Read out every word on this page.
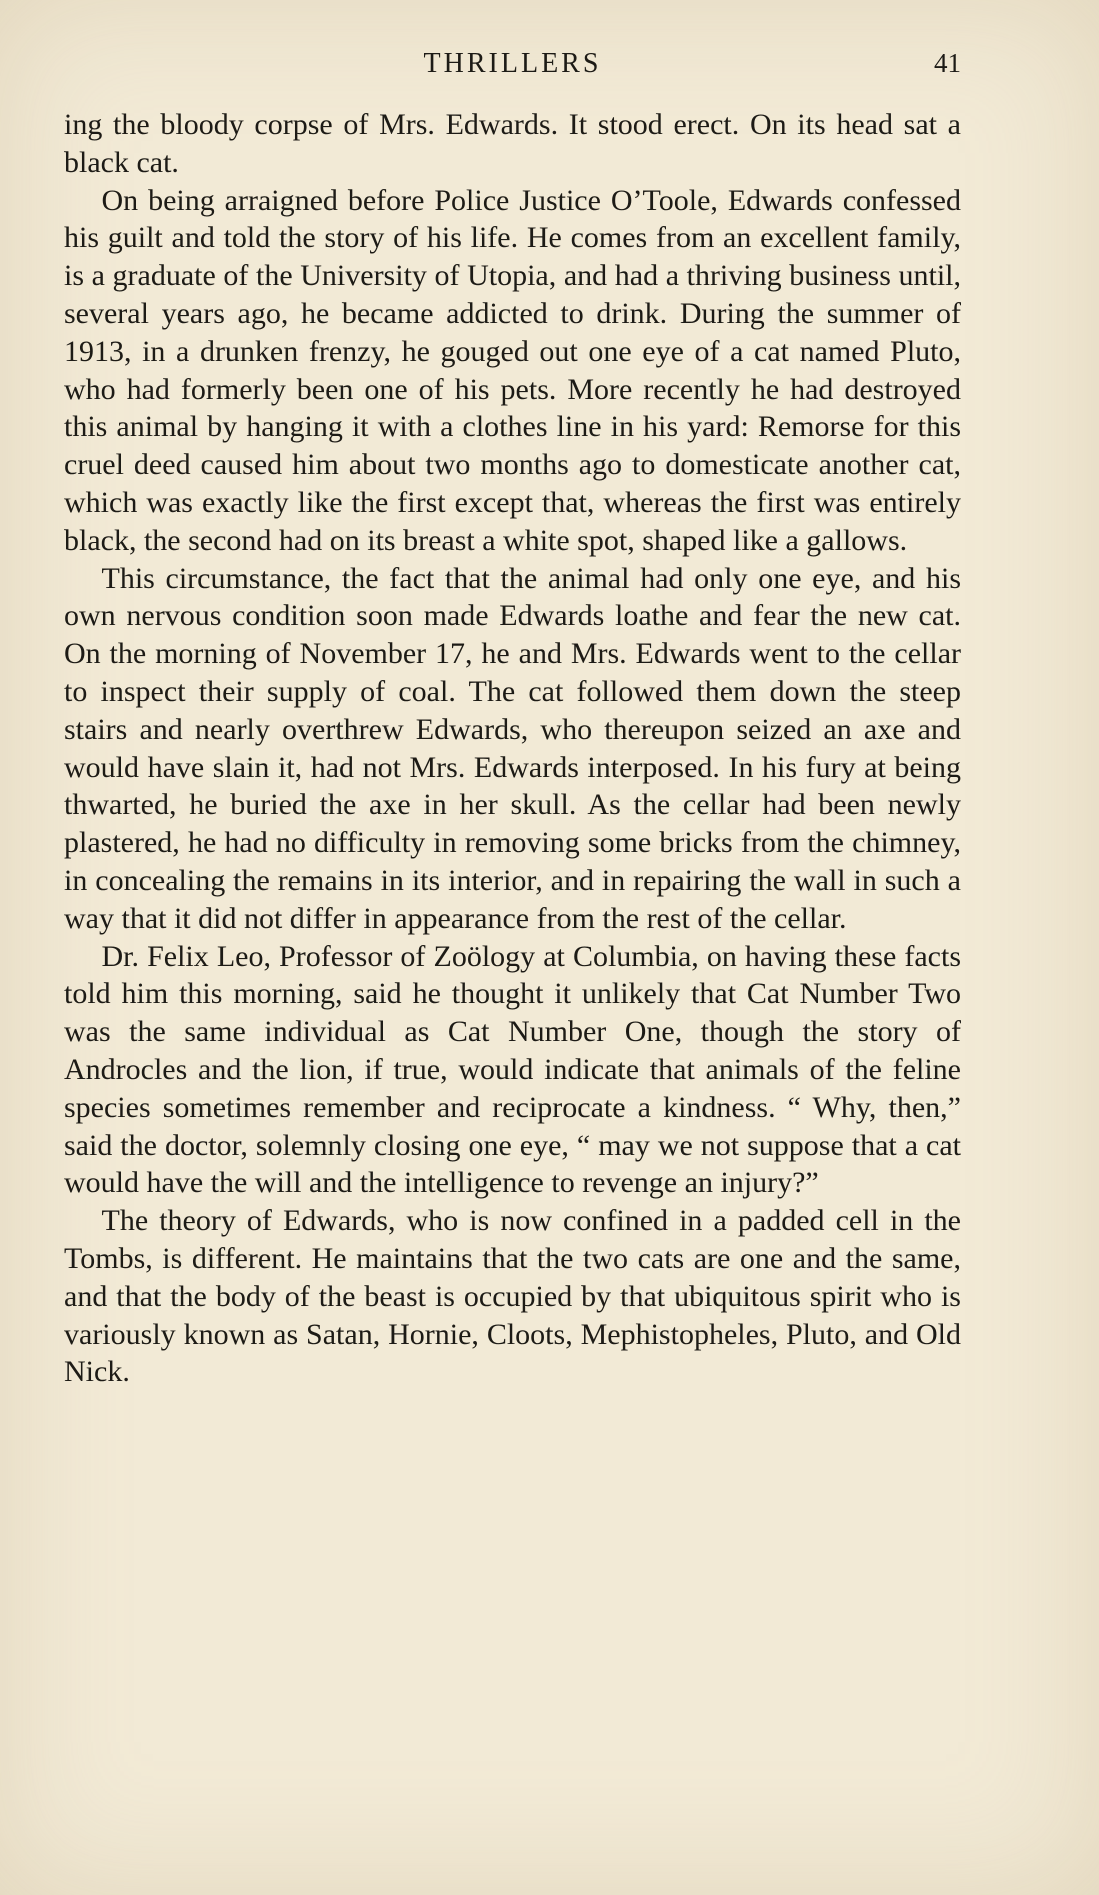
THRILLERS	41

ing the bloody corpse of Mrs. Edwards. It stood erect. On its head sat a black cat.

On being arraigned before Police Justice O’Toole, Edwards confessed his guilt and told the story of his life. He comes from an excellent family, is a graduate of the University of Utopia, and had a thriving business until, several years ago, he became addicted to drink. During the summer of 1913, in a drunken frenzy, he gouged out one eye of a cat named Pluto, who had formerly been one of his pets. More recently he had destroyed this animal by hanging it with a clothes line in his yard: Remorse for this cruel deed caused him about two months ago to domesticate another cat, which was exactly like the first except that, whereas the first was entirely black, the second had on its breast a white spot, shaped like a gallows.

This circumstance, the fact that the animal had only one eye, and his own nervous condition soon made Edwards loathe and fear the new cat. On the morning of November 17, he and Mrs. Edwards went to the cellar to inspect their supply of coal. The cat followed them down the steep stairs and nearly overthrew Edwards, who thereupon seized an axe and would have slain it, had not Mrs. Edwards interposed. In his fury at being thwarted, he buried the axe in her skull. As the cellar had been newly plastered, he had no difficulty in removing some bricks from the chimney, in concealing the remains in its interior, and in repairing the wall in such a way that it did not differ in appearance from the rest of the cellar.

Dr. Felix Leo, Professor of Zoölogy at Columbia, on having these facts told him this morning, said he thought it unlikely that Cat Number Two was the same individual as Cat Number One, though the story of Androcles and the lion, if true, would indicate that animals of the feline species sometimes remember and reciprocate a kindness. “ Why, then,” said the doctor, solemnly closing one eye, “ may we not suppose that a cat would have the will and the intelligence to revenge an injury?”

The theory of Edwards, who is now confined in a padded cell in the Tombs, is different. He maintains that the two cats are one and the same, and that the body of the beast is occupied by that ubiquitous spirit who is variously known as Satan, Hornie, Cloots, Mephistopheles, Pluto, and Old Nick.
